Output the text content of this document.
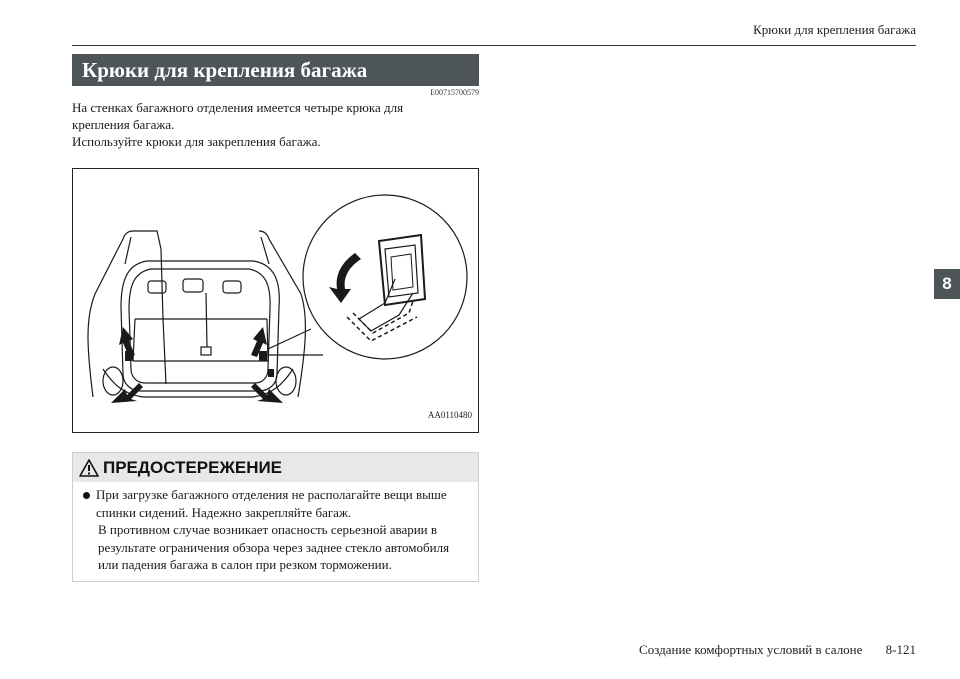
Крюки для крепления багажа
Крюки для крепления багажа
E00715700579

На стенках багажного отделения имеется четыре крюка для крепления багажа.

Используйте крюки для закрепления багажа.

AA0110480
ПРЕДОСТЕРЕЖЕНИЕ

При загрузке багажного отделения не располагайте вещи выше спинки сидений. Надежно закрепляйте багаж.

В противном случае возникает опасность серьезной аварии в результате ограничения обзора через заднее стекло автомобиля или падения багажа в салон при резком торможении.

Создание комфортных условий в салоне 8-121
8
